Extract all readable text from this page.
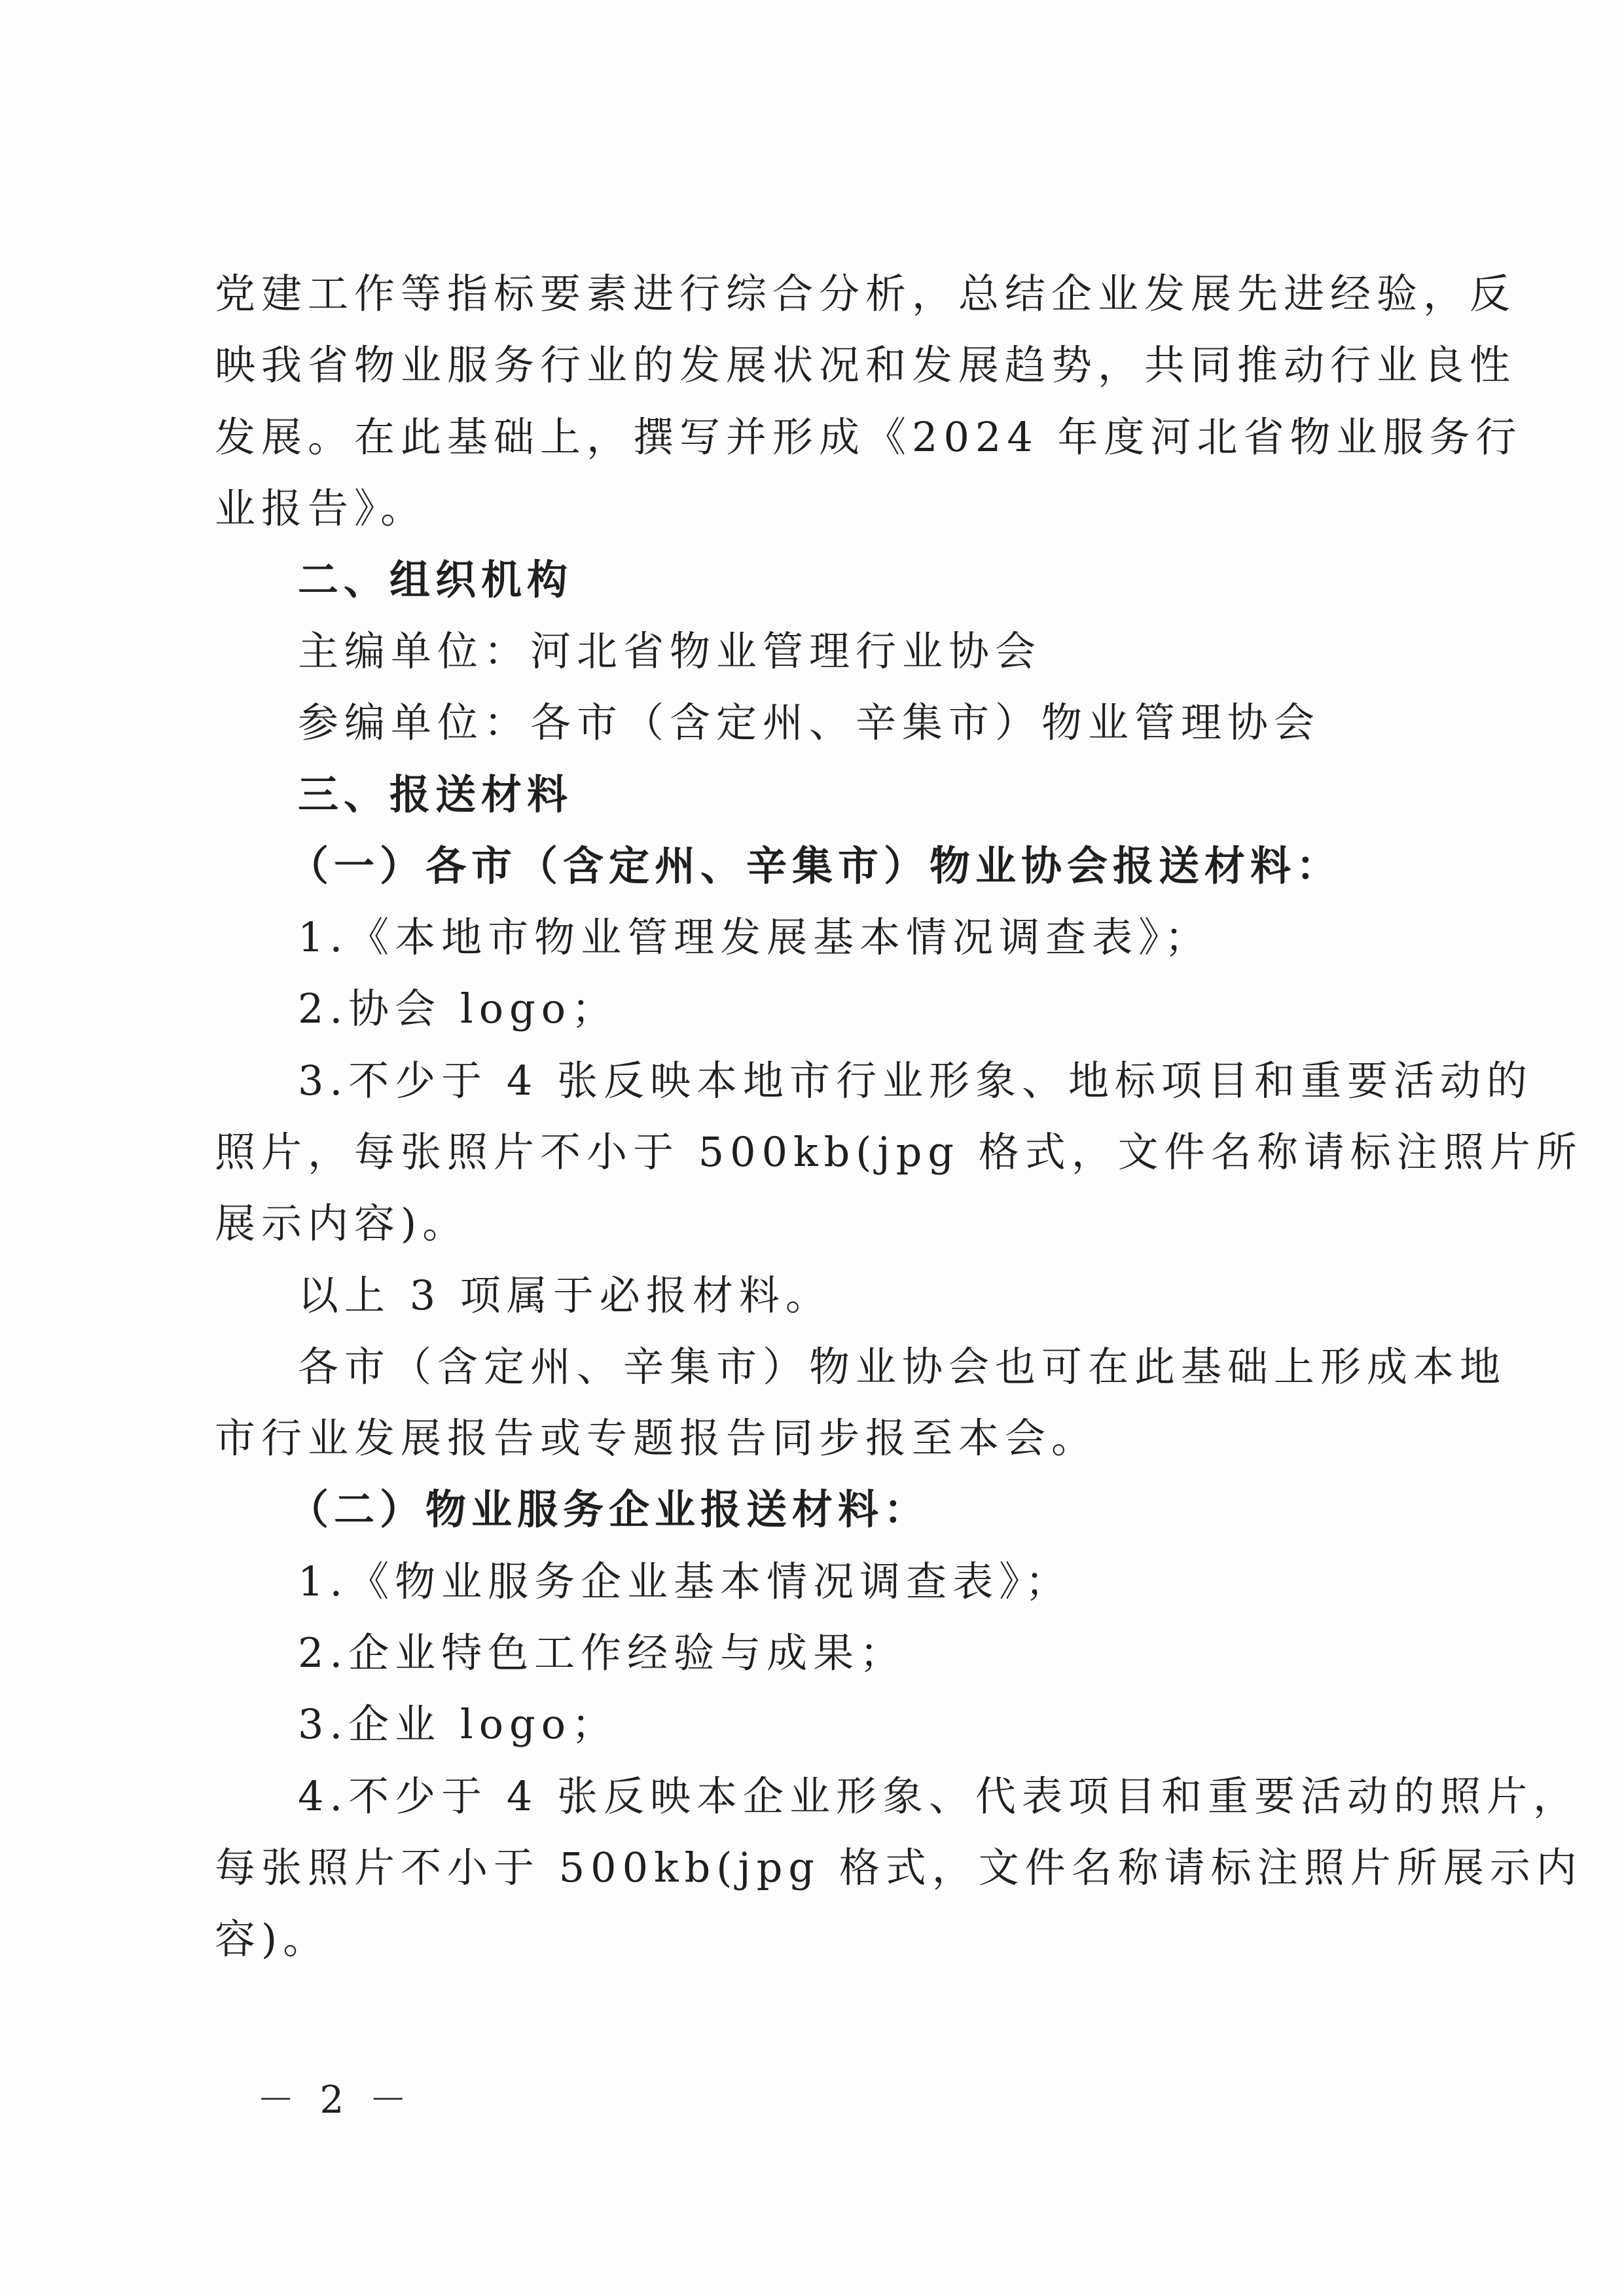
党建工作等指标要素进行综合分析，总结企业发展先进经验，反
映我省物业服务行业的发展状况和发展趋势，共同推动行业良性
发展。在此基础上，撰写并形成《2024 年度河北省物业服务行
业报告》。
二、组织机构
主编单位：河北省物业管理行业协会
参编单位：各市（含定州、辛集市）物业管理协会
三、报送材料
（一）各市（含定州、辛集市）物业协会报送材料：
1.《本地市物业管理发展基本情况调查表》；
2.协会 logo；
3.不少于 4 张反映本地市行业形象、地标项目和重要活动的
照片，每张照片不小于 500kb(jpg 格式，文件名称请标注照片所
展示内容)。
以上 3 项属于必报材料。
各市（含定州、辛集市）物业协会也可在此基础上形成本地
市行业发展报告或专题报告同步报至本会。
（二）物业服务企业报送材料：
1.《物业服务企业基本情况调查表》；
2.企业特色工作经验与成果；
3.企业 logo；
4.不少于 4 张反映本企业形象、代表项目和重要活动的照片，
每张照片不小于 500kb(jpg 格式，文件名称请标注照片所展示内
容)。
－ 2 －
